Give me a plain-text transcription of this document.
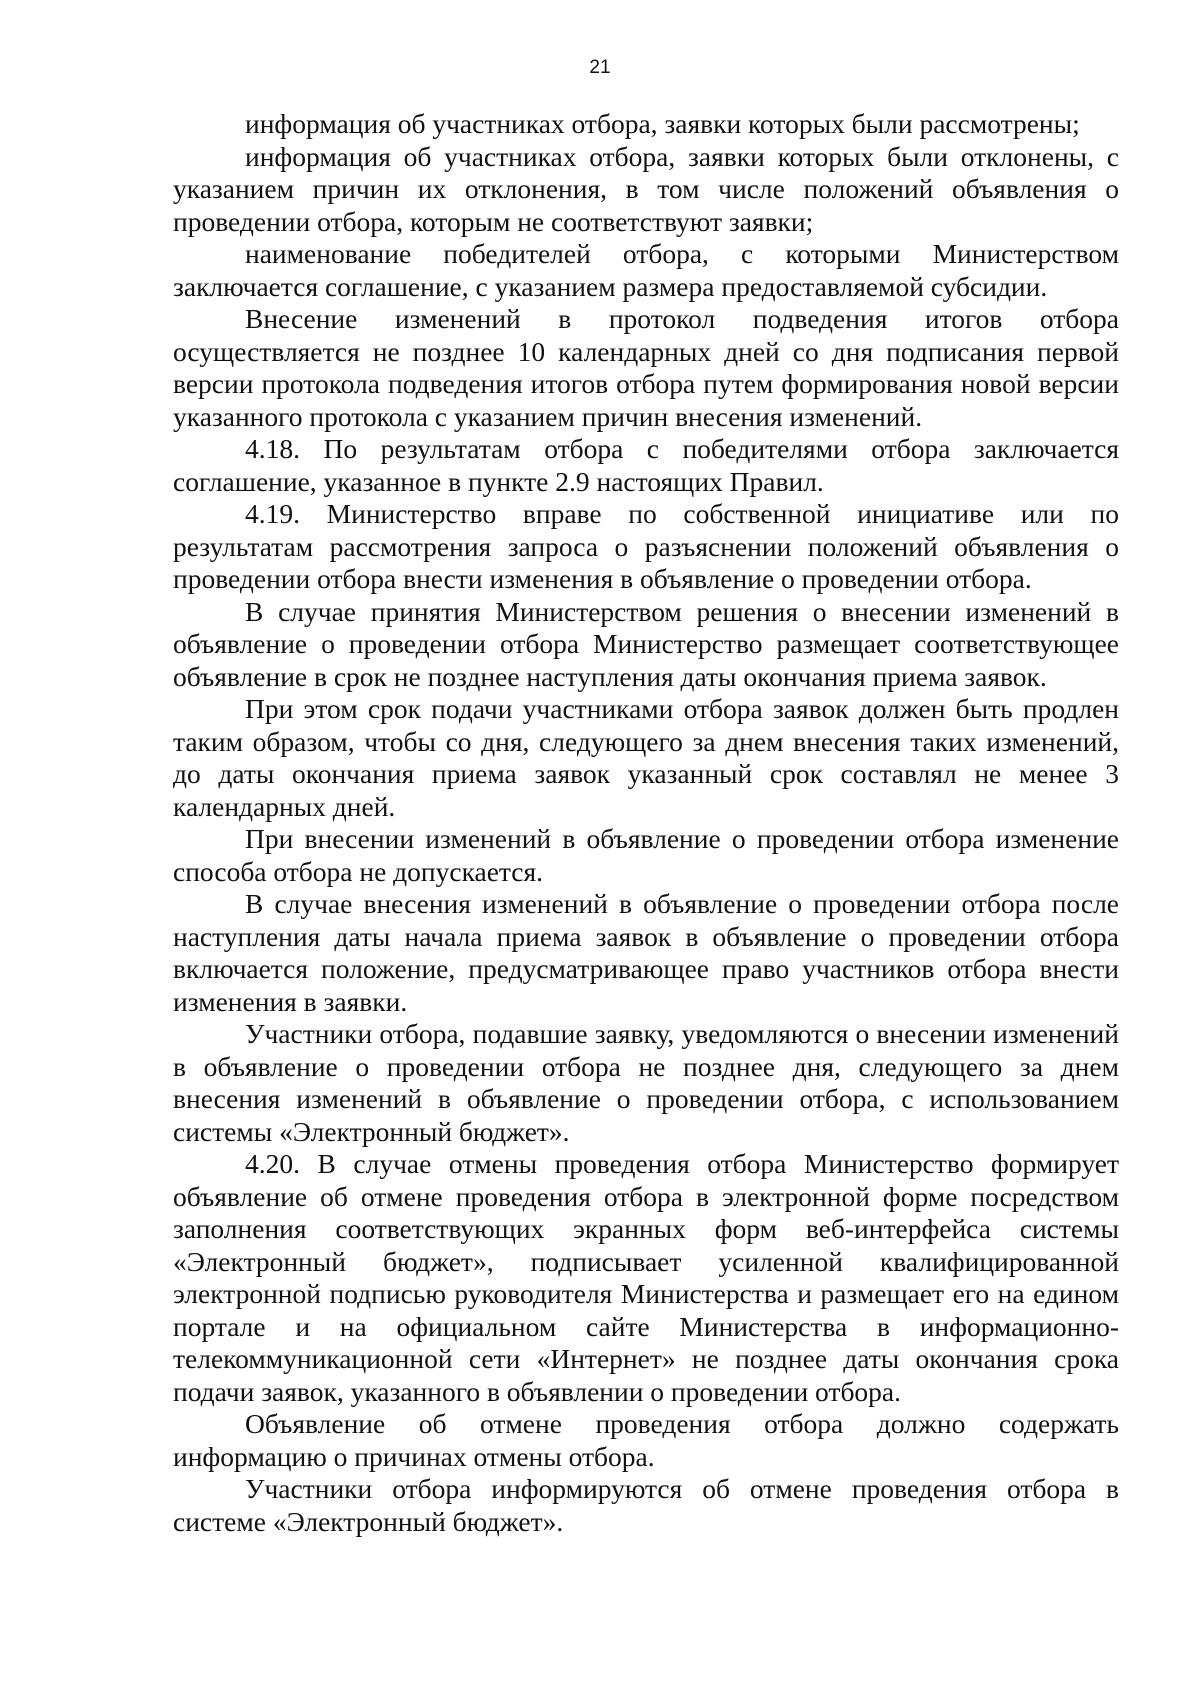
21

информация об участниках отбора, заявки которых были рассмотрены;

информация об участниках отбора, заявки которых были отклонены, с указанием причин их отклонения, в том числе положений объявления о проведении отбора, которым не соответствуют заявки;

наименование победителей отбора, с которыми Министерством заключается соглашение, с указанием размера предоставляемой субсидии.

Внесение изменений в протокол подведения итогов отбора осуществляется не позднее 10 календарных дней со дня подписания первой версии протокола подведения итогов отбора путем формирования новой версии указанного протокола с указанием причин внесения изменений.

4.18. По результатам отбора с победителями отбора заключается соглашение, указанное в пункте 2.9 настоящих Правил.

4.19. Министерство вправе по собственной инициативе или по результатам рассмотрения запроса о разъяснении положений объявления о проведении отбора внести изменения в объявление о проведении отбора.

В случае принятия Министерством решения о внесении изменений в объявление о проведении отбора Министерство размещает соответствующее объявление в срок не позднее наступления даты окончания приема заявок.

При этом срок подачи участниками отбора заявок должен быть продлен таким образом, чтобы со дня, следующего за днем внесения таких изменений, до даты окончания приема заявок указанный срок составлял не менее 3 календарных дней.

При внесении изменений в объявление о проведении отбора изменение способа отбора не допускается.

В случае внесения изменений в объявление о проведении отбора после наступления даты начала приема заявок в объявление о проведении отбора включается положение, предусматривающее право участников отбора внести изменения в заявки.

Участники отбора, подавшие заявку, уведомляются о внесении изменений в объявление о проведении отбора не позднее дня, следующего за днем внесения изменений в объявление о проведении отбора, с использованием системы «Электронный бюджет».

4.20. В случае отмены проведения отбора Министерство формирует объявление об отмене проведения отбора в электронной форме посредством заполнения соответствующих экранных форм веб-интерфейса системы «Электронный бюджет», подписывает усиленной квалифицированной электронной подписью руководителя Министерства и размещает его на едином портале и на официальном сайте Министерства в информационно-телекоммуникационной сети «Интернет» не позднее даты окончания срока подачи заявок, указанного в объявлении о проведении отбора.

Объявление об отмене проведения отбора должно содержать информацию о причинах отмены отбора.

Участники отбора информируются об отмене проведения отбора в системе «Электронный бюджет».
